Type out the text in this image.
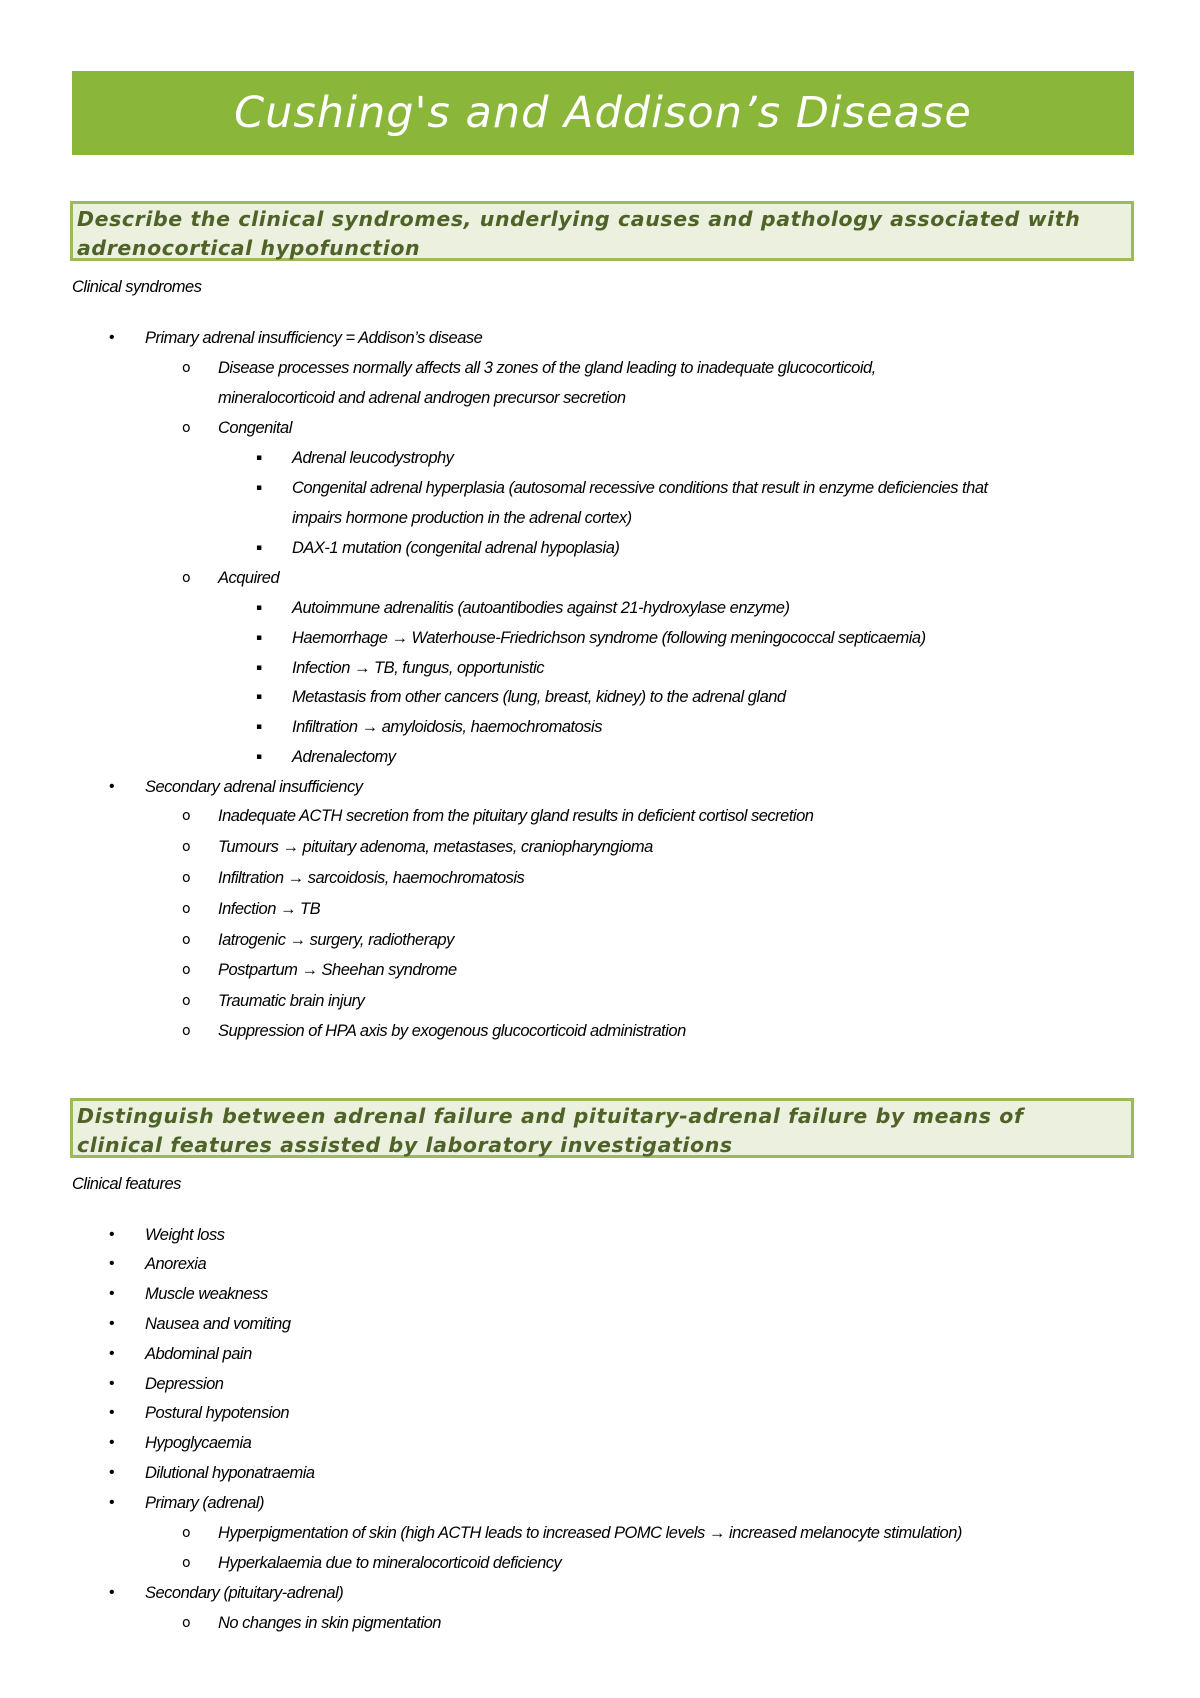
Cushing's and Addison’s Disease
Describe the clinical syndromes, underlying causes and pathology associated with
adrenocortical hypofunction
Clinical syndromes
• Primary adrenal insufficiency = Addison’s disease
o Disease processes normally affects all 3 zones of the gland leading to inadequate glucocorticoid,
mineralocorticoid and adrenal androgen precursor secretion
o Congenital
▪ Adrenal leucodystrophy
▪ Congenital adrenal hyperplasia (autosomal recessive conditions that result in enzyme deficiencies that
impairs hormone production in the adrenal cortex)
▪ DAX-1 mutation (congenital adrenal hypoplasia)
o Acquired
▪ Autoimmune adrenalitis (autoantibodies against 21-hydroxylase enzyme)
▪ Haemorrhage → Waterhouse-Friedrichson syndrome (following meningococcal septicaemia)
▪ Infection → TB, fungus, opportunistic
▪ Metastasis from other cancers (lung, breast, kidney) to the adrenal gland
▪ Infiltration → amyloidosis, haemochromatosis
▪ Adrenalectomy
• Secondary adrenal insufficiency
o Inadequate ACTH secretion from the pituitary gland results in deficient cortisol secretion
o Tumours → pituitary adenoma, metastases, craniopharyngioma
o Infiltration → sarcoidosis, haemochromatosis
o Infection → TB
o Iatrogenic → surgery, radiotherapy
o Postpartum → Sheehan syndrome
o Traumatic brain injury
o Suppression of HPA axis by exogenous glucocorticoid administration
Distinguish between adrenal failure and pituitary-adrenal failure by means of
clinical features assisted by laboratory investigations
Clinical features
• Weight loss
• Anorexia
• Muscle weakness
• Nausea and vomiting
• Abdominal pain
• Depression
• Postural hypotension
• Hypoglycaemia
• Dilutional hyponatraemia
• Primary (adrenal)
o Hyperpigmentation of skin (high ACTH leads to increased POMC levels → increased melanocyte stimulation)
o Hyperkalaemia due to mineralocorticoid deficiency
• Secondary (pituitary-adrenal)
o No changes in skin pigmentation
